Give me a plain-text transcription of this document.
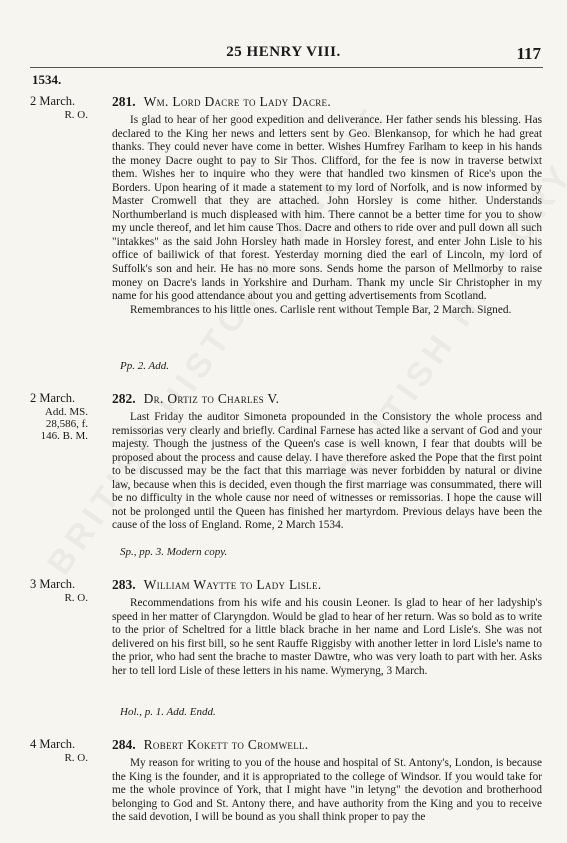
25 HENRY VIII.	117
1534.
2 March.
R. O.
281. Wm. Lord Dacre to Lady Dacre.

Is glad to hear of her good expedition and deliverance. Her father sends his blessing. Has declared to the King her news and letters sent by Geo. Blenkansop, for which he had great thanks. They could never have come in better. Wishes Humfrey Farlham to keep in his hands the money Dacre ought to pay to Sir Thos. Clifford, for the fee is now in traverse betwixt them. Wishes her to inquire who they were that handled two kinsmen of Rice's upon the Borders. Upon hearing of it made a statement to my lord of Norfolk, and is now informed by Master Cromwell that they are attached. John Horsley is come hither. Understands Northumberland is much displeased with him. There cannot be a better time for you to show my uncle thereof, and let him cause Thos. Dacre and others to ride over and pull down all such "intakkes" as the said John Horsley hath made in Horsley forest, and enter John Lisle to his office of bailiwick of that forest. Yesterday morning died the earl of Lincoln, my lord of Suffolk's son and heir. He has no more sons. Sends home the parson of Mellmorby to raise money on Dacre's lands in Yorkshire and Durham. Thank my uncle Sir Christopher in my name for his good attendance about you and getting advertisements from Scotland.

Remembrances to his little ones. Carlisle rent without Temple Bar, 2 March. Signed.

Pp. 2. Add.
2 March.
Add. MS. 28,586, f. 146. B. M.
282. Dr. Ortiz to Charles V.

Last Friday the auditor Simoneta propounded in the Consistory the whole process and remissorias very clearly and briefly. Cardinal Farnese has acted like a servant of God and your majesty. Though the justness of the Queen's case is well known, I fear that doubts will be proposed about the process and cause delay. I have therefore asked the Pope that the first point to be discussed may be the fact that this marriage was never forbidden by natural or divine law, because when this is decided, even though the first marriage was consummated, there will be no difficulty in the whole cause nor need of witnesses or remissorias. I hope the cause will not be prolonged until the Queen has finished her martyrdom. Previous delays have been the cause of the loss of England. Rome, 2 March 1534.

Sp., pp. 3. Modern copy.
3 March.
R. O.
283. William Waytte to Lady Lisle.

Recommendations from his wife and his cousin Leoner. Is glad to hear of her ladyship's speed in her matter of Claryngdon. Would be glad to hear of her return. Was so bold as to write to the prior of Scheltred for a little black brache in her name and Lord Lisle's. She was not delivered on his first bill, so he sent Rauffe Riggisby with another letter in lord Lisle's name to the prior, who had sent the brache to master Dawtre, who was very loath to part with her. Asks her to tell lord Lisle of these letters in his name. Wymeryng, 3 March.

Hol., p. 1. Add. Endd.
4 March.
R. O.
284. Robert Kokett to Cromwell.

My reason for writing to you of the house and hospital of St. Antony's, London, is because the King is the founder, and it is appropriated to the college of Windsor. If you would take for me the whole province of York, that I might have "in letyng" the devotion and brotherhood belonging to God and St. Antony there, and have authority from the King and you to receive the said devotion, I will be bound as you shall think proper to pay the
